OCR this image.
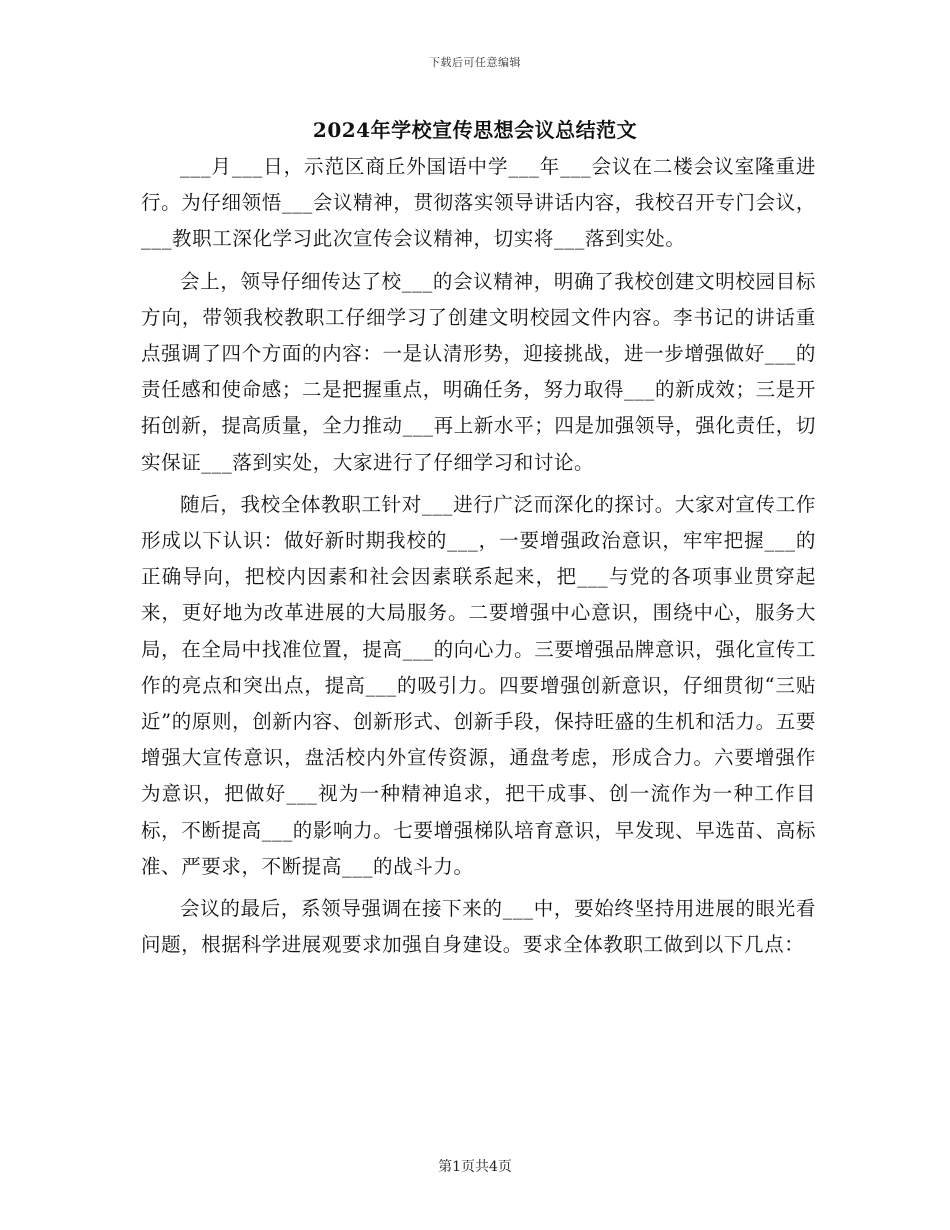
下载后可任意编辑
2024年学校宣传思想会议总结范文

___月___日，示范区商丘外国语中学___年___会议在二楼会议室隆重进行。为仔细领悟___会议精神，贯彻落实领导讲话内容，我校召开专门会议，___教职工深化学习此次宣传会议精神，切实将___落到实处。

会上，领导仔细传达了校___的会议精神，明确了我校创建文明校园目标方向，带领我校教职工仔细学习了创建文明校园文件内容。李书记的讲话重点强调了四个方面的内容：一是认清形势，迎接挑战，进一步增强做好___的责任感和使命感；二是把握重点，明确任务，努力取得___的新成效；三是开拓创新，提高质量，全力推动___再上新水平；四是加强领导，强化责任，切实保证___落到实处，大家进行了仔细学习和讨论。

随后，我校全体教职工针对___进行广泛而深化的探讨。大家对宣传工作形成以下认识：做好新时期我校的___，一要增强政治意识，牢牢把握___的正确导向，把校内因素和社会因素联系起来，把___与党的各项事业贯穿起来，更好地为改革进展的大局服务。二要增强中心意识，围绕中心，服务大局，在全局中找准位置，提高___的向心力。三要增强品牌意识，强化宣传工作的亮点和突出点，提高___的吸引力。四要增强创新意识，仔细贯彻“三贴近”的原则，创新内容、创新形式、创新手段，保持旺盛的生机和活力。五要增强大宣传意识，盘活校内外宣传资源，通盘考虑，形成合力。六要增强作为意识，把做好___视为一种精神追求，把干成事、创一流作为一种工作目标，不断提高___的影响力。七要增强梯队培育意识，早发现、早选苗、高标准、严要求，不断提高___的战斗力。

会议的最后，系领导强调在接下来的___中，要始终坚持用进展的眼光看问题，根据科学进展观要求加强自身建设。要求全体教职工做到以下几点：

第1页共4页
